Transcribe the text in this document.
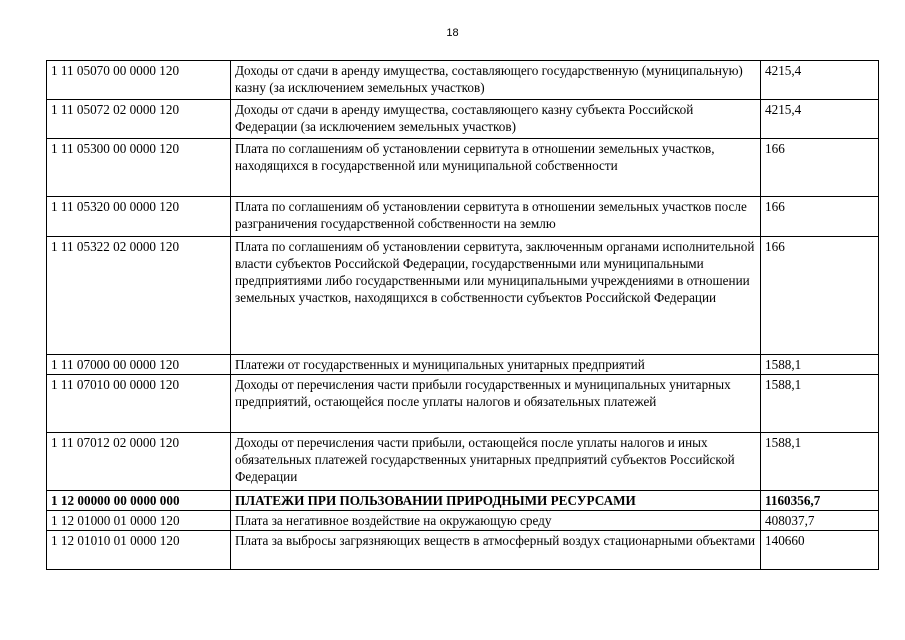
18
1 11 05070 00 0000 120	Доходы от сдачи в аренду имущества, составляющего государственную (муниципальную) казну (за исключением земельных участков)	4215,4
1 11 05072 02 0000 120	Доходы от сдачи в аренду имущества, составляющего казну субъекта Российской Федерации (за исключением земельных участков)	4215,4
1 11 05300 00 0000 120	Плата по соглашениям об установлении сервитута в отношении земельных участков, находящихся в государственной или муниципальной собственности	166
1 11 05320 00 0000 120	Плата по соглашениям об установлении сервитута в отношении земельных участков после разграничения государственной собственности на землю	166
1 11 05322 02 0000 120	Плата по соглашениям об установлении сервитута, заключенным органами исполнительной власти субъектов Российской Федерации, государственными или муниципальными предприятиями либо государственными или муниципальными учреждениями в отношении земельных участков, находящихся в собственности субъектов Российской Федерации	166
1 11 07000 00 0000 120	Платежи от государственных и муниципальных унитарных предприятий	1588,1
1 11 07010 00 0000 120	Доходы от перечисления части прибыли государственных и муниципальных унитарных предприятий, остающейся после уплаты налогов и обязательных платежей	1588,1
1 11 07012 02 0000 120	Доходы от перечисления части прибыли, остающейся после уплаты налогов и иных обязательных платежей государственных унитарных предприятий субъектов Российской Федерации	1588,1
1 12 00000 00 0000 000	ПЛАТЕЖИ ПРИ ПОЛЬЗОВАНИИ ПРИРОДНЫМИ РЕСУРСАМИ	1160356,7
1 12 01000 01 0000 120	Плата за негативное воздействие на окружающую среду	408037,7
1 12 01010 01 0000 120	Плата за выбросы загрязняющих веществ в атмосферный воздух стационарными объектами	140660
